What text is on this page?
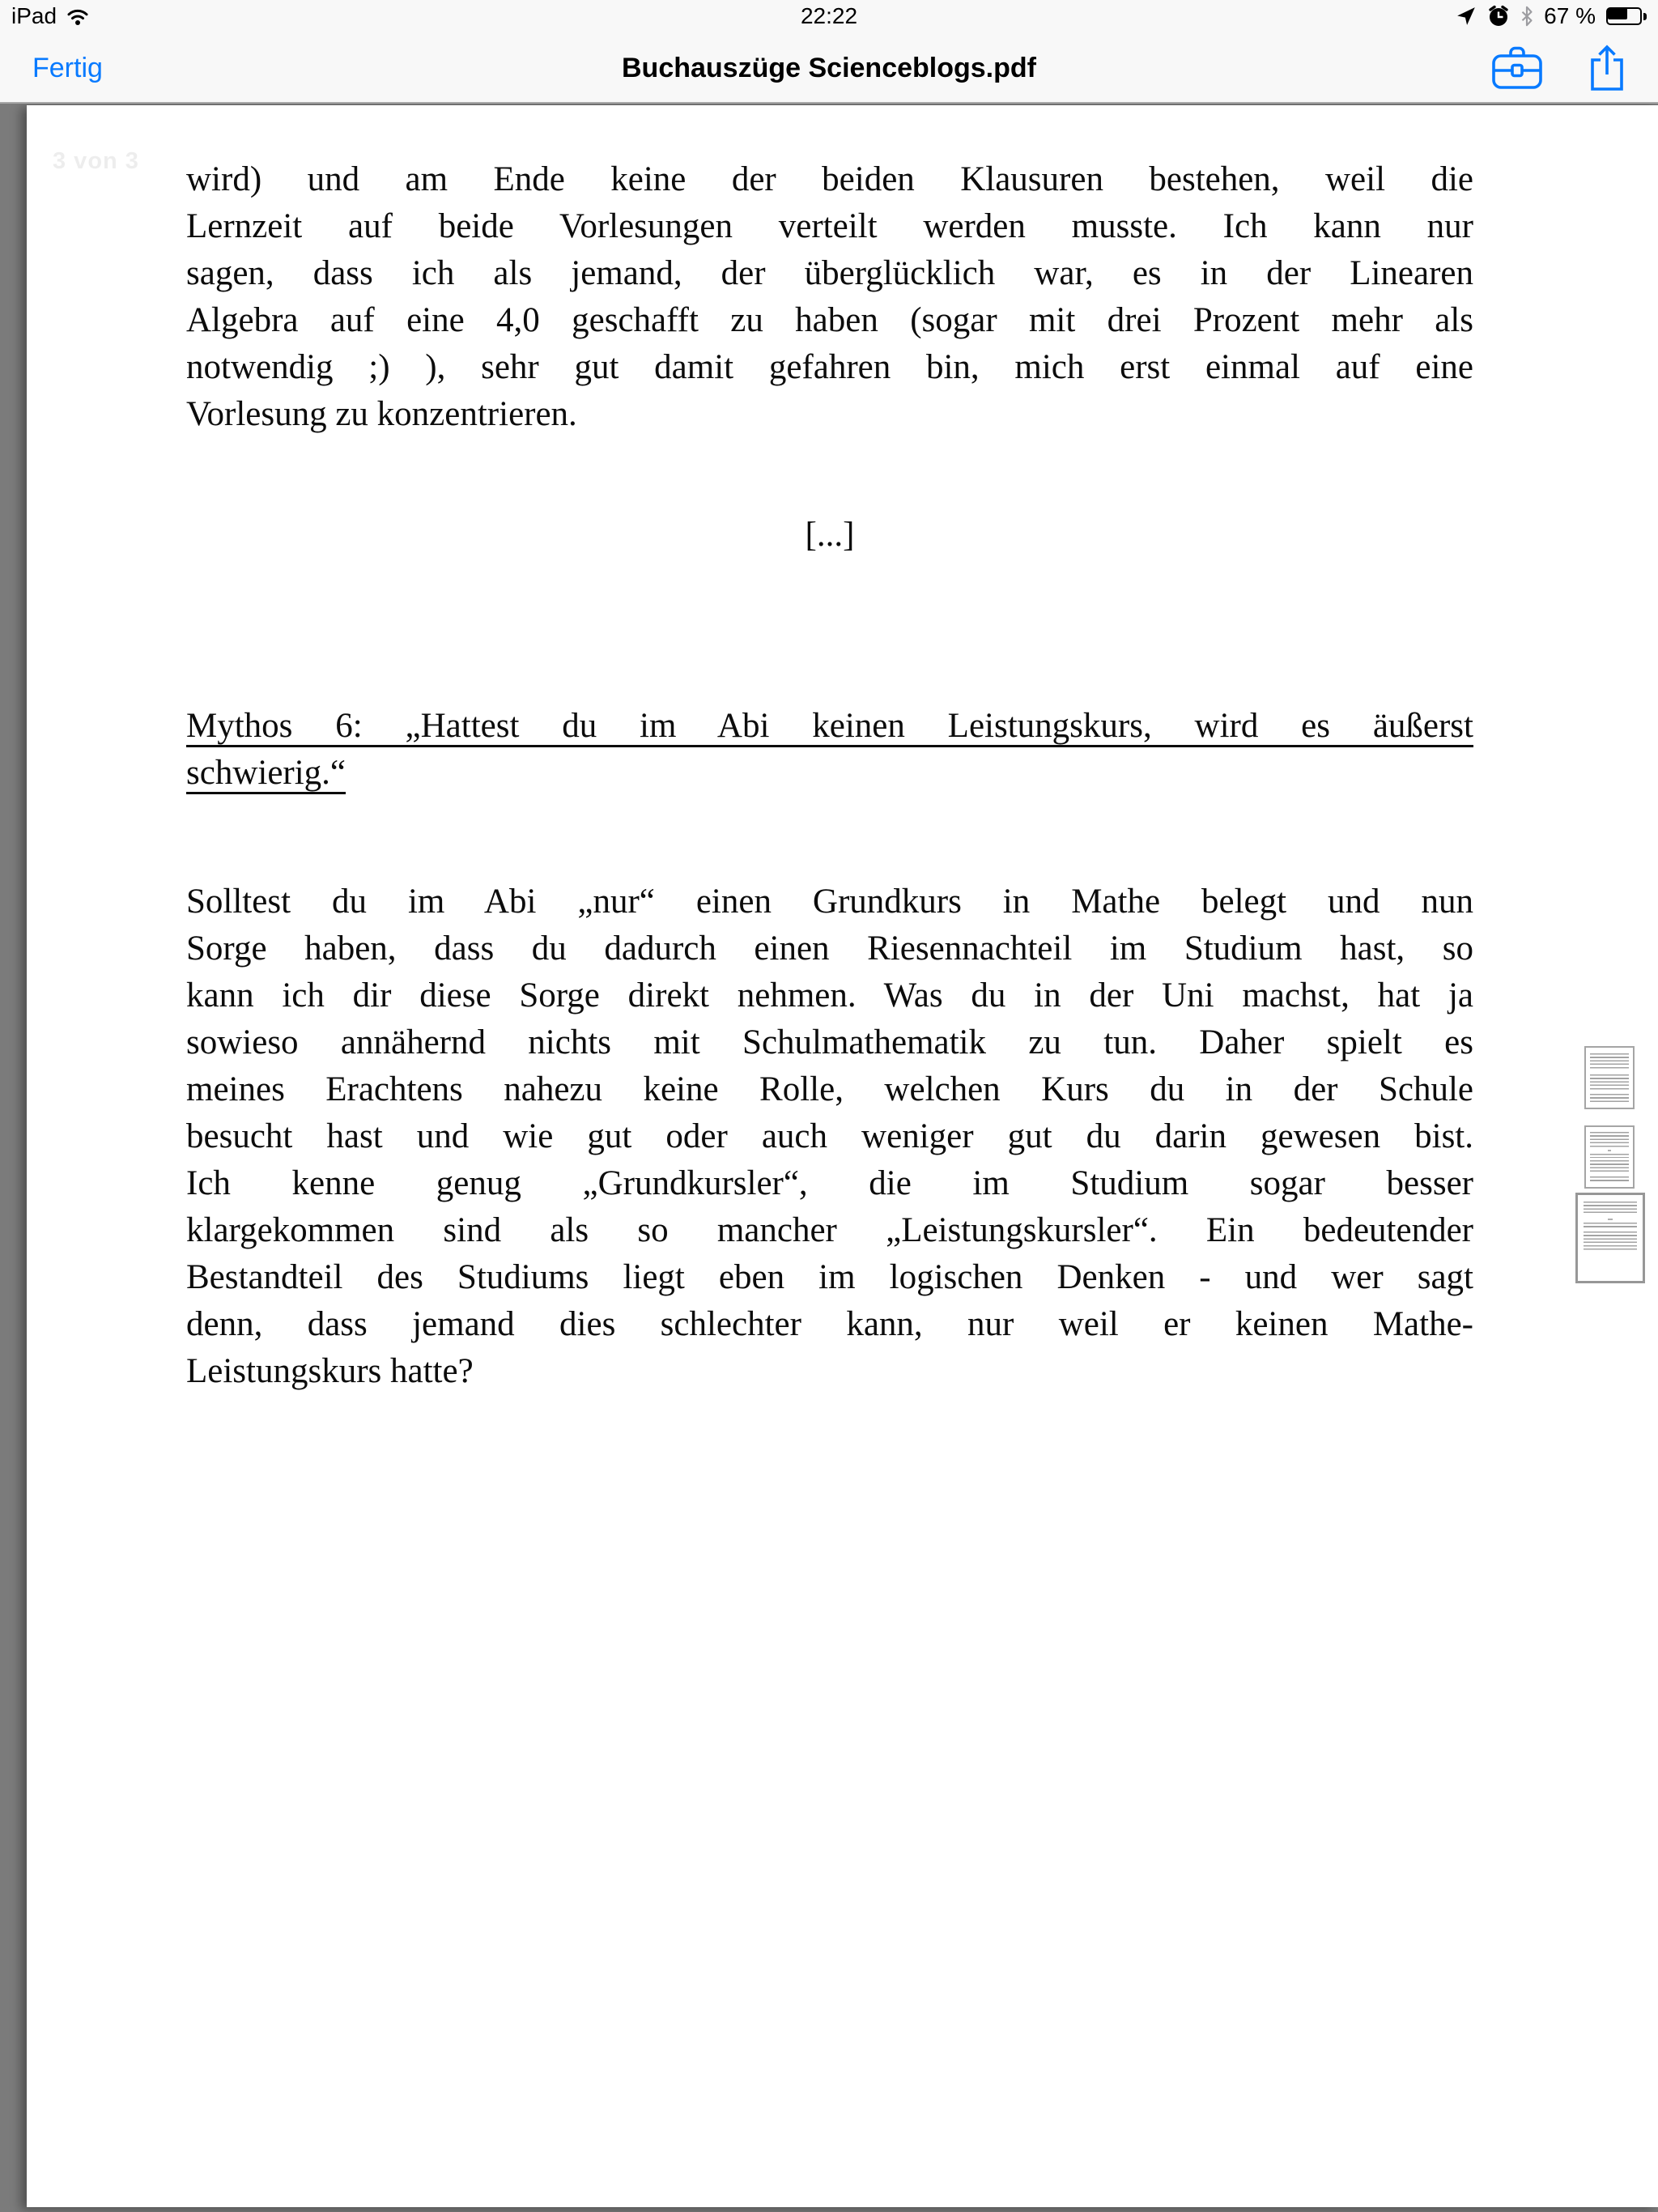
iPad	22:22	67 %
Fertig	Buchauszüge Scienceblogs.pdf
3 von 3 wird) und am Ende keine der beiden Klausuren bestehen, weil die
Lernzeit auf beide Vorlesungen verteilt werden musste. Ich kann nur
sagen, dass ich als jemand, der überglücklich war, es in der Linearen
Algebra auf eine 4,0 geschafft zu haben (sogar mit drei Prozent mehr als
notwendig ;) ), sehr gut damit gefahren bin, mich erst einmal auf eine
Vorlesung zu konzentrieren.
[...]
Mythos 6: „Hattest du im Abi keinen Leistungskurs, wird es äußerst
schwierig.“
Solltest du im Abi „nur“ einen Grundkurs in Mathe belegt und nun
Sorge haben, dass du dadurch einen Riesennachteil im Studium hast, so
kann ich dir diese Sorge direkt nehmen. Was du in der Uni machst, hat ja
sowieso annähernd nichts mit Schulmathematik zu tun. Daher spielt es
meines Erachtens nahezu keine Rolle, welchen Kurs du in der Schule
besucht hast und wie gut oder auch weniger gut du darin gewesen bist.
Ich kenne genug „Grundkursler“, die im Studium sogar besser
klargekommen sind als so mancher „Leistungskursler“. Ein bedeutender
Bestandteil des Studiums liegt eben im logischen Denken - und wer sagt
denn, dass jemand dies schlechter kann, nur weil er keinen Mathe-
Leistungskurs hatte?
